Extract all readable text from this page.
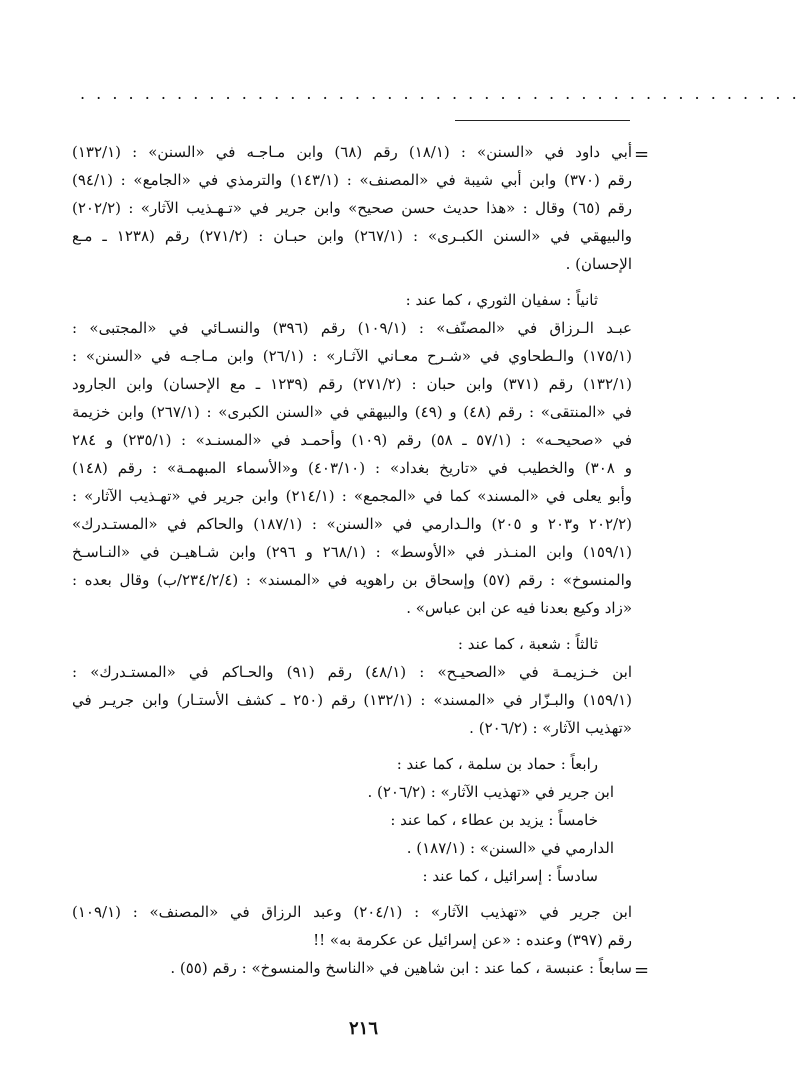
. . . . . . . . . . . . . . . . . . . . . . . . . . . . . . . . . . . . . . . . . . . . .
=
=
أبي داود في «السنن» : (١٨/١) رقم (٦٨) وابن مـاجـه في «السنن» : (١٣٢/١)
رقم (٣٧٠) وابن أبي شيبة في «المصنف» : (١٤٣/١) والترمذي في «الجامع» : (٩٤/١)
رقم (٦٥) وقال : «هذا حديث حسن صحيح» وابن جرير في «تـهـذيب الآثار» : (٢٠٢/٢)
والبيهقي في «السنن الكبـرى» : (٢٦٧/١) وابن حبـان : (٢٧١/٢) رقم (١٢٣٨ ـ مـع
الإحسان) .
ثانياً : سفيان الثوري ، كما عند :
عبـد الـرزاق في «المصنّف» : (١٠٩/١) رقم (٣٩٦) والنسـائي في «المجتبى» :
(١٧٥/١) والـطحاوي في «شـرح معـاني الآثـار» : (٢٦/١) وابن مـاجـه في «السنن» :
(١٣٢/١) رقم (٣٧١) وابن حبان : (٢٧١/٢) رقم (١٢٣٩ ـ مع الإحسان) وابن الجارود
في «المنتقى» : رقم (٤٨) و (٤٩) والبيهقي في «السنن الكبرى» : (٢٦٧/١) وابن خزيمة
في «صحيحـه» : (٥٧/١ ـ ٥٨) رقم (١٠٩) وأحمـد في «المسنـد» : (٢٣٥/١) و ٢٨٤
و ٣٠٨) والخطيب في «تاريخ بغداد» : (٤٠٣/١٠) و«الأسماء المبهمـة» : رقم (١٤٨)
وأبو يعلى في «المسند» كما في «المجمع» : (٢١٤/١) وابن جرير في «تهـذيب الآثار» :
(٢٠٢/٢ و٢٠٣ و ٢٠٥) والـدارمي في «السنن» : (١٨٧/١) والحاكم في «المستـدرك»
(١٥٩/١) وابن المنـذر في «الأوسط» : (٢٦٨/١ و ٢٩٦) وابن شـاهيـن في «النـاسـخ
والمنسوخ» : رقم (٥٧) وإسحاق بن راهويه في «المسند» : (٢٣٤/٢/٤/ب) وقال بعده :
«زاد وكيع بعدنا فيه عن ابن عباس» .
ثالثاً : شعبة ، كما عند :
ابن خـزيمـة في «الصحيـح» : (٤٨/١) رقم (٩١) والحـاكم في «المستـدرك» :
(١٥٩/١) والبـزّار في «المسند» : (١٣٢/١) رقم (٢٥٠ ـ كشف الأستـار) وابن جريـر في
«تهذيب الآثار» : (٢٠٦/٢) .
رابعاً : حماد بن سلمة ، كما عند :
ابن جرير في «تهذيب الآثار» : (٢٠٦/٢) .
خامساً : يزيد بن عطاء ، كما عند :
الدارمي في «السنن» : (١٨٧/١) .
سادساً : إسرائيل ، كما عند :
ابن جرير في «تهذيب الآثار» : (٢٠٤/١) وعبد الرزاق في «المصنف» : (١٠٩/١)
رقم (٣٩٧) وعنده : «عن إسرائيل عن عكرمة به» !!
سابعاً : عنبسة ، كما عند : ابن شاهين في «الناسخ والمنسوخ» : رقم (٥٥) .
٢١٦
